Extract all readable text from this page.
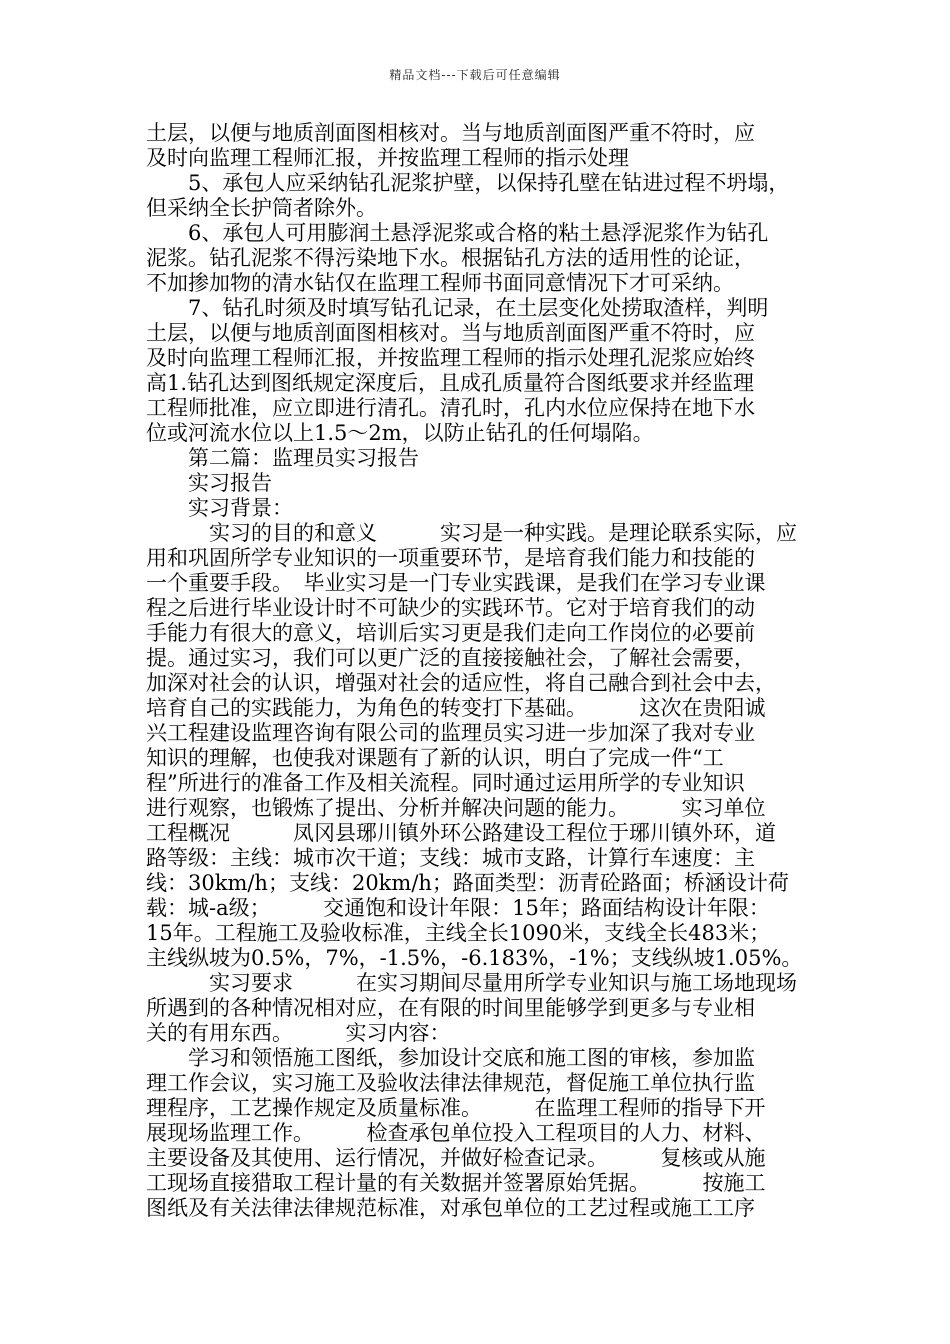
精品文档---下载后可任意编辑
土层，以便与地质剖面图相核对。当与地质剖面图严重不符时，应
及时向监理工程师汇报，并按监理工程师的指示处理
　　5、承包人应采纳钻孔泥浆护壁，以保持孔壁在钻进过程不坍塌，
但采纳全长护筒者除外。
　　6、承包人可用膨润土悬浮泥浆或合格的粘土悬浮泥浆作为钻孔
泥浆。钻孔泥浆不得污染地下水。根据钻孔方法的适用性的论证，
不加掺加物的清水钻仅在监理工程师书面同意情况下才可采纳。
　　7、钻孔时须及时填写钻孔记录，在土层变化处捞取渣样，判明
土层，以便与地质剖面图相核对。当与地质剖面图严重不符时，应
及时向监理工程师汇报，并按监理工程师的指示处理孔泥浆应始终
高1.钻孔达到图纸规定深度后，且成孔质量符合图纸要求并经监理
工程师批准，应立即进行清孔。清孔时，孔内水位应保持在地下水
位或河流水位以上1.5～2m，以防止钻孔的任何塌陷。
　　第二篇：监理员实习报告
　　实习报告
　　实习背景：
　　　实习的目的和意义　　　实习是一种实践。是理论联系实际，应
用和巩固所学专业知识的一项重要环节，是培育我们能力和技能的
一个重要手段。　毕业实习是一门专业实践课，是我们在学习专业课
程之后进行毕业设计时不可缺少的实践环节。它对于培育我们的动
手能力有很大的意义，培训后实习更是我们走向工作岗位的必要前
提。通过实习，我们可以更广泛的直接接触社会，了解社会需要，
加深对社会的认识，增强对社会的适应性，将自己融合到社会中去，
培育自己的实践能力，为角色的转变打下基础。　　　这次在贵阳诚
兴工程建设监理咨询有限公司的监理员实习进一步加深了我对专业
知识的理解，也使我对课题有了新的认识，明白了完成一件“工
程”所进行的准备工作及相关流程。同时通过运用所学的专业知识
进行观察，也锻炼了提出、分析并解决问题的能力。　　　实习单位
工程概况　　　凤冈县琊川镇外环公路建设工程位于琊川镇外环，道
路等级：主线：城市次干道；支线：城市支路，计算行车速度：主
线：30km/h；支线：20km/h；路面类型：沥青砼路面；桥涵设计荷
载：城-a级；　　　交通饱和设计年限：15年；路面结构设计年限：
15年。工程施工及验收标准，主线全长1090米，支线全长483米；
主线纵坡为0.5%，7%，-1.5%，-6.183%，-1%；支线纵坡1.05%。
　　　实习要求　　　在实习期间尽量用所学专业知识与施工场地现场
所遇到的各种情况相对应，在有限的时间里能够学到更多与专业相
关的有用东西。　　　实习内容：
　　学习和领悟施工图纸，参加设计交底和施工图的审核，参加监
理工作会议，实习施工及验收法律法律规范，督促施工单位执行监
理程序，工艺操作规定及质量标准。　　　在监理工程师的指导下开
展现场监理工作。　　　检查承包单位投入工程项目的人力、材料、
主要设备及其使用、运行情况，并做好检查记录。　　　复核或从施
工现场直接猎取工程计量的有关数据并签署原始凭据。　　　按施工
图纸及有关法律法律规范标准，对承包单位的工艺过程或施工工序
